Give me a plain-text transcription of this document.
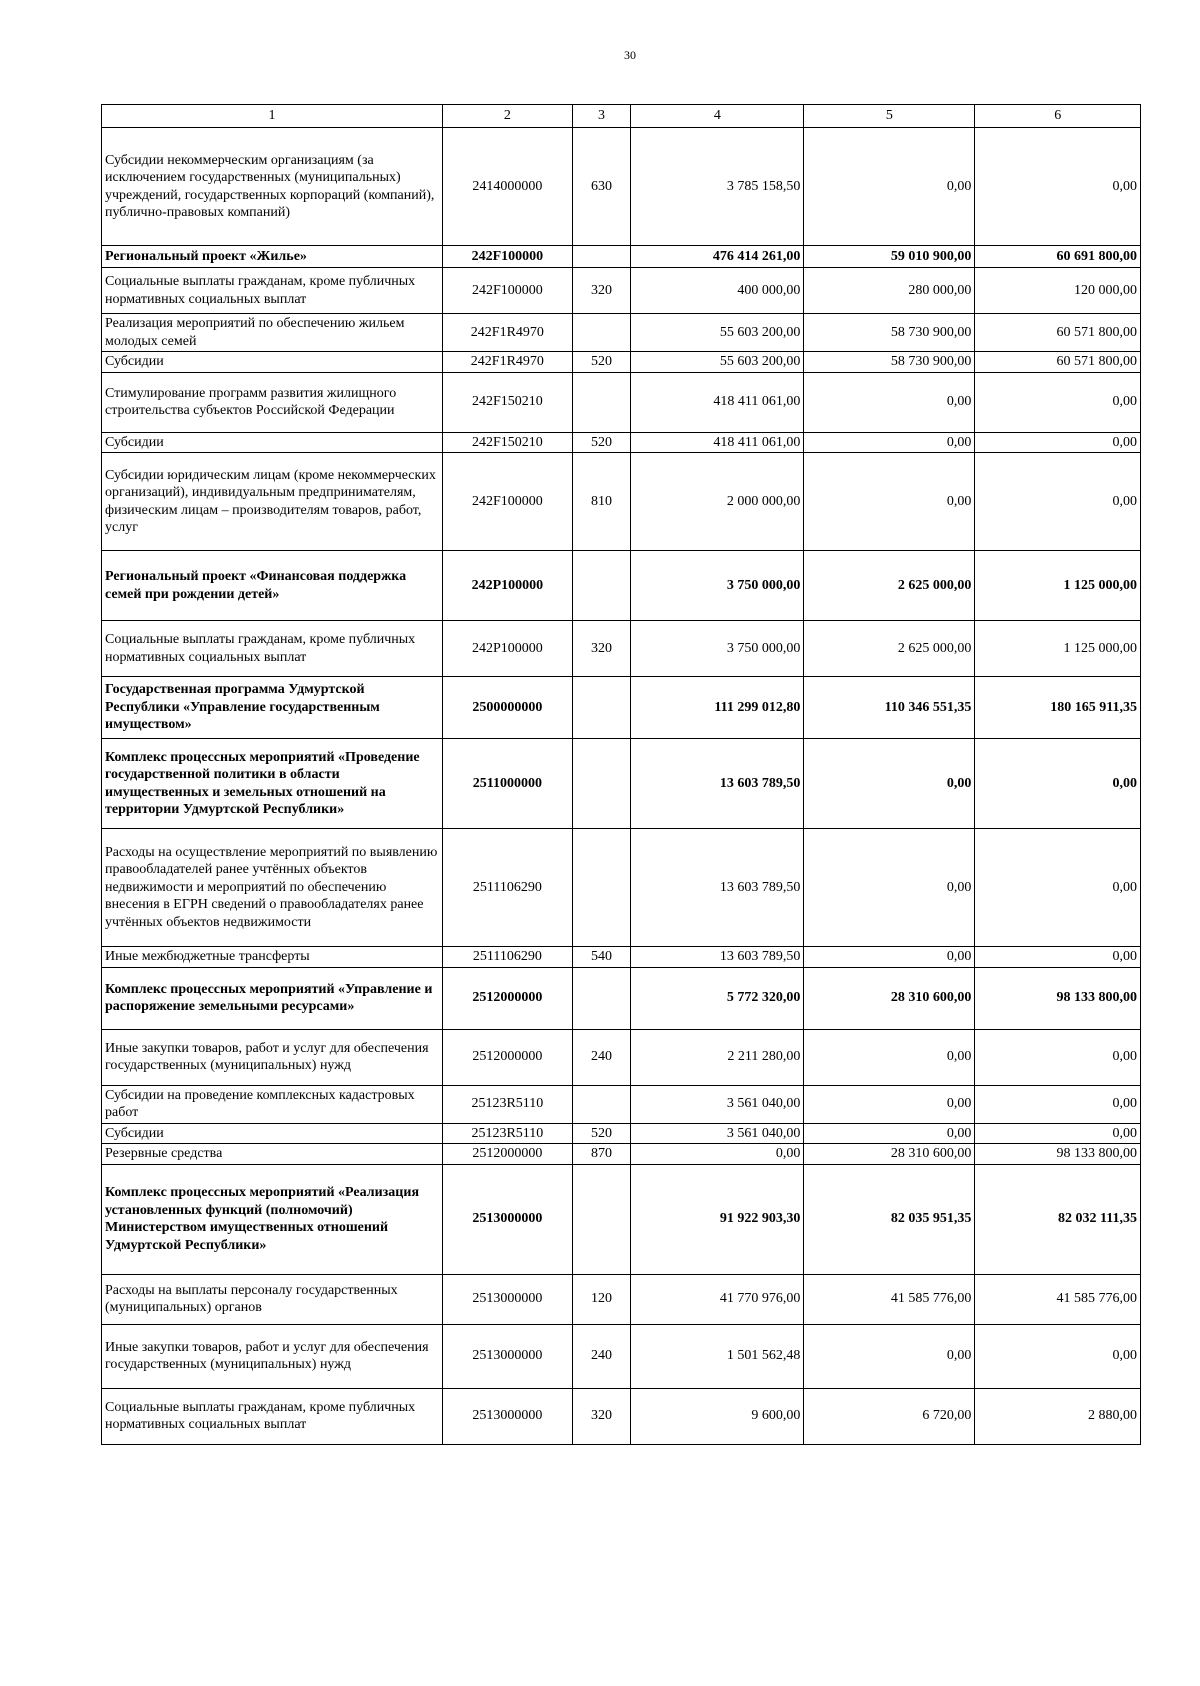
30
1	2	3	4	5	6
Субсидии некоммерческим организациям (за исключением государственных (муниципальных) учреждений, государственных корпораций (компаний), публично-правовых компаний)	2414000000	630	3 785 158,50	0,00	0,00
Региональный проект «Жилье»	242F100000		476 414 261,00	59 010 900,00	60 691 800,00
Социальные выплаты гражданам, кроме публичных нормативных социальных выплат	242F100000	320	400 000,00	280 000,00	120 000,00
Реализация мероприятий по обеспечению жильем молодых семей	242F1R4970		55 603 200,00	58 730 900,00	60 571 800,00
Субсидии	242F1R4970	520	55 603 200,00	58 730 900,00	60 571 800,00
Стимулирование программ развития жилищного строительства субъектов Российской Федерации	242F150210		418 411 061,00	0,00	0,00
Субсидии	242F150210	520	418 411 061,00	0,00	0,00
Субсидии юридическим лицам (кроме некоммерческих организаций), индивидуальным предпринимателям, физическим лицам – производителям товаров, работ, услуг	242F100000	810	2 000 000,00	0,00	0,00
Региональный проект «Финансовая поддержка семей при рождении детей»	242P100000		3 750 000,00	2 625 000,00	1 125 000,00
Социальные выплаты гражданам, кроме публичных нормативных социальных выплат	242P100000	320	3 750 000,00	2 625 000,00	1 125 000,00
Государственная программа Удмуртской Республики «Управление государственным имуществом»	2500000000		111 299 012,80	110 346 551,35	180 165 911,35
Комплекс процессных мероприятий «Проведение государственной политики в области имущественных и земельных отношений на территории Удмуртской Республики»	2511000000		13 603 789,50	0,00	0,00
Расходы на осуществление мероприятий по выявлению правообладателей ранее учтённых объектов недвижимости и мероприятий по обеспечению внесения в ЕГРН сведений о правообладателях ранее учтённых объектов недвижимости	2511106290		13 603 789,50	0,00	0,00
Иные межбюджетные трансферты	2511106290	540	13 603 789,50	0,00	0,00
Комплекс процессных мероприятий «Управление и распоряжение земельными ресурсами»	2512000000		5 772 320,00	28 310 600,00	98 133 800,00
Иные закупки товаров, работ и услуг для обеспечения государственных (муниципальных) нужд	2512000000	240	2 211 280,00	0,00	0,00
Субсидии на проведение комплексных кадастровых работ	25123R5110		3 561 040,00	0,00	0,00
Субсидии	25123R5110	520	3 561 040,00	0,00	0,00
Резервные средства	2512000000	870	0,00	28 310 600,00	98 133 800,00
Комплекс процессных мероприятий «Реализация установленных функций (полномочий) Министерством имущественных отношений Удмуртской Республики»	2513000000		91 922 903,30	82 035 951,35	82 032 111,35
Расходы на выплаты персоналу государственных (муниципальных) органов	2513000000	120	41 770 976,00	41 585 776,00	41 585 776,00
Иные закупки товаров, работ и услуг для обеспечения государственных (муниципальных) нужд	2513000000	240	1 501 562,48	0,00	0,00
Социальные выплаты гражданам, кроме публичных нормативных социальных выплат	2513000000	320	9 600,00	6 720,00	2 880,00
